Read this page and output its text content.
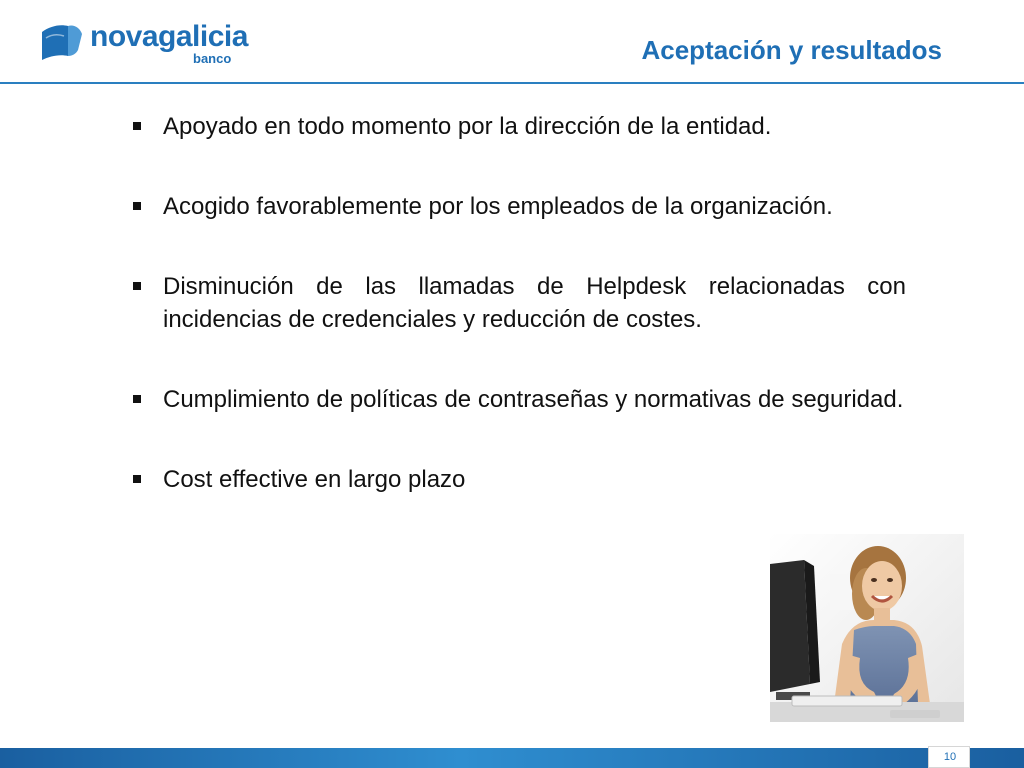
novagalicia
banco	Aceptación y resultados
Apoyado en todo momento por la dirección de la entidad.
Acogido favorablemente por los empleados de la organización.
Disminución de las llamadas de Helpdesk relacionadas con incidencias de credenciales y reducción de costes.
Cumplimiento de políticas de contraseñas y normativas de seguridad.
Cost effective en largo plazo
10
